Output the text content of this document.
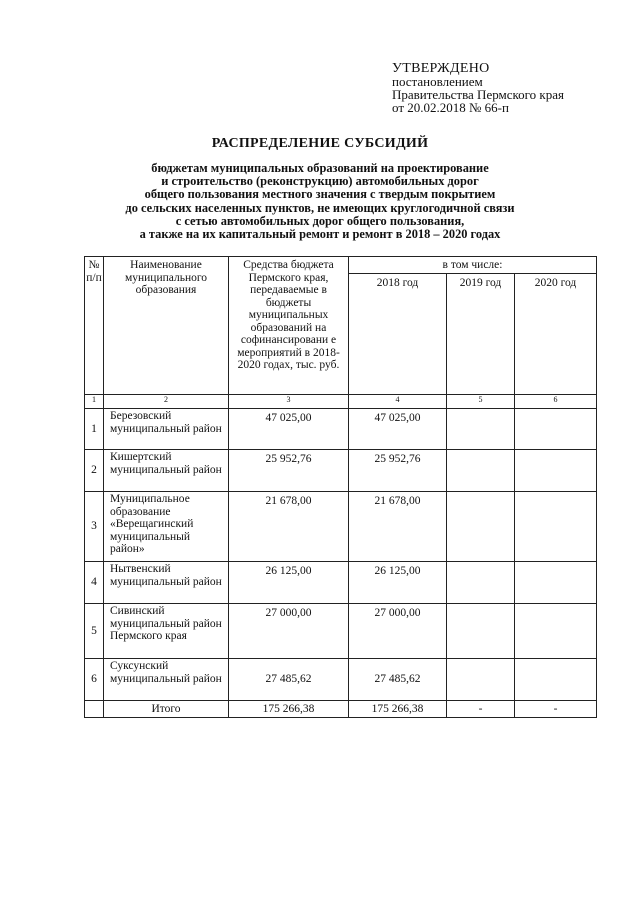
УТВЕРЖДЕНО
постановлением
Правительства Пермского края
от 20.02.2018 № 66-п
РАСПРЕДЕЛЕНИЕ СУБСИДИЙ
бюджетам муниципальных образований на проектирование
и строительство (реконструкцию) автомобильных дорог
общего пользования местного значения с твердым покрытием
до сельских населенных пунктов, не имеющих круглогодичной связи
с сетью автомобильных дорог общего пользования,
а также на их капитальный ремонт и ремонт в 2018 – 2020 годах
№ п/п	Наименование муниципального образования	Средства бюджета Пермского края, передаваемые в бюджеты муниципальных образований на софинансировани е мероприятий в 2018-2020 годах, тыс. руб.	в том числе:		
			2018 год	2019 год	2020 год
1	2	3	4	5	6
1	Березовский муниципальный район	47 025,00	47 025,00		
2	Кишертский муниципальный район	25 952,76	25 952,76		
3	Муниципальное образование «Верещагинский муниципальный район»	21 678,00	21 678,00		
4	Нытвенский муниципальный район	26 125,00	26 125,00		
5	Сивинский муниципальный район Пермского края	27 000,00	27 000,00		
6	Суксунский муниципальный район	27 485,62	27 485,62		
	Итого	175 266,38	175 266,38	-	-
